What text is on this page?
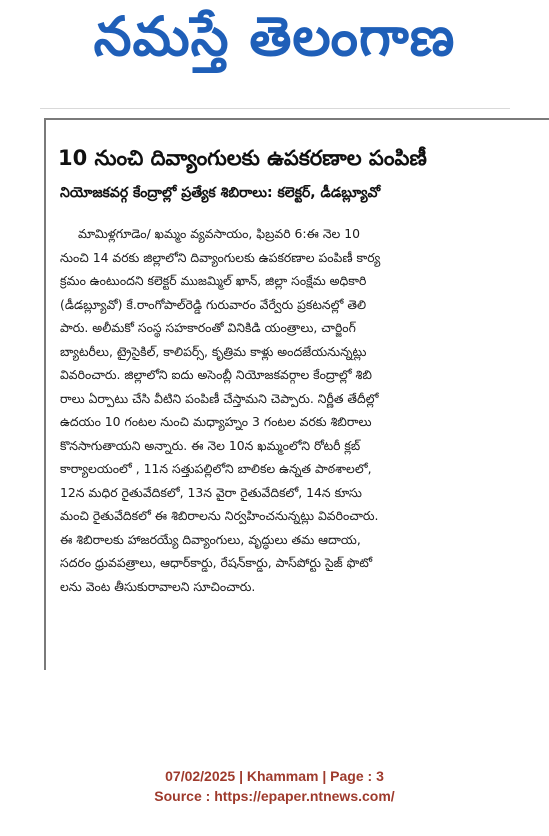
నమస్తే తెలంగాణ
10 నుంచి దివ్యాంగులకు ఉపకరణాల పంపిణీ
నియోజకవర్గ కేంద్రాల్లో ప్రత్యేక శిబిరాలు: కలెక్టర్, డీడబ్ల్యూవో
మామిళ్లగూడెం/ ఖమ్మం వ్యవసాయం, ఫిబ్రవరి 6:ఈ నెల 10
నుంచి 14 వరకు జిల్లాలోని దివ్యాంగులకు ఉపకరణాల పంపిణీ కార్య
క్రమం ఉంటుందని కలెక్టర్ ముజమ్మిల్ ఖాన్, జిల్లా సంక్షేమ అధికారి
(డీడబ్ల్యూవో) కే.రాంగోపాల్‌రెడ్డి గురువారం వేర్వేరు ప్రకటనల్లో తెలి
పారు. అలీమకో సంస్థ సహకారంతో వినికిడి యంత్రాలు, చార్జింగ్
బ్యాటరీలు, ట్రైసైకిల్, కాలిపర్స్, కృత్రిమ కాళ్లు అందజేయనున్నట్లు
వివరించారు. జిల్లాలోని ఐదు అసెంబ్లీ నియోజకవర్గాల కేంద్రాల్లో శిబి
రాలు ఏర్పాటు చేసి వీటిని పంపిణీ చేస్తామని చెప్పారు. నిర్ణీత తేదీల్లో
ఉదయం 10 గంటల నుంచి మధ్యాహ్నం 3 గంటల వరకు శిబిరాలు
కొనసాగుతాయని అన్నారు. ఈ నెల 10న ఖమ్మంలోని రోటరీ క్లబ్
కార్యాలయంలో , 11న సత్తుపల్లిలోని బాలికల ఉన్నత పాఠశాలలో,
12న మధిర రైతువేదికలో, 13న వైరా రైతువేదికలో, 14న కూసు
మంచి రైతువేదికలో ఈ శిబిరాలను నిర్వహించనున్నట్లు వివరించారు.
ఈ శిబిరాలకు హాజరయ్యే దివ్యాంగులు, వృద్ధులు తమ ఆదాయ,
సదరం ధ్రువపత్రాలు, ఆధార్‌కార్డు, రేషన్‌కార్డు, పాస్‌పోర్టు సైజ్ ఫొటో
లను వెంట తీసుకురావాలని సూచించారు.
07/02/2025 | Khammam | Page : 3
Source : https://epaper.ntnews.com/
